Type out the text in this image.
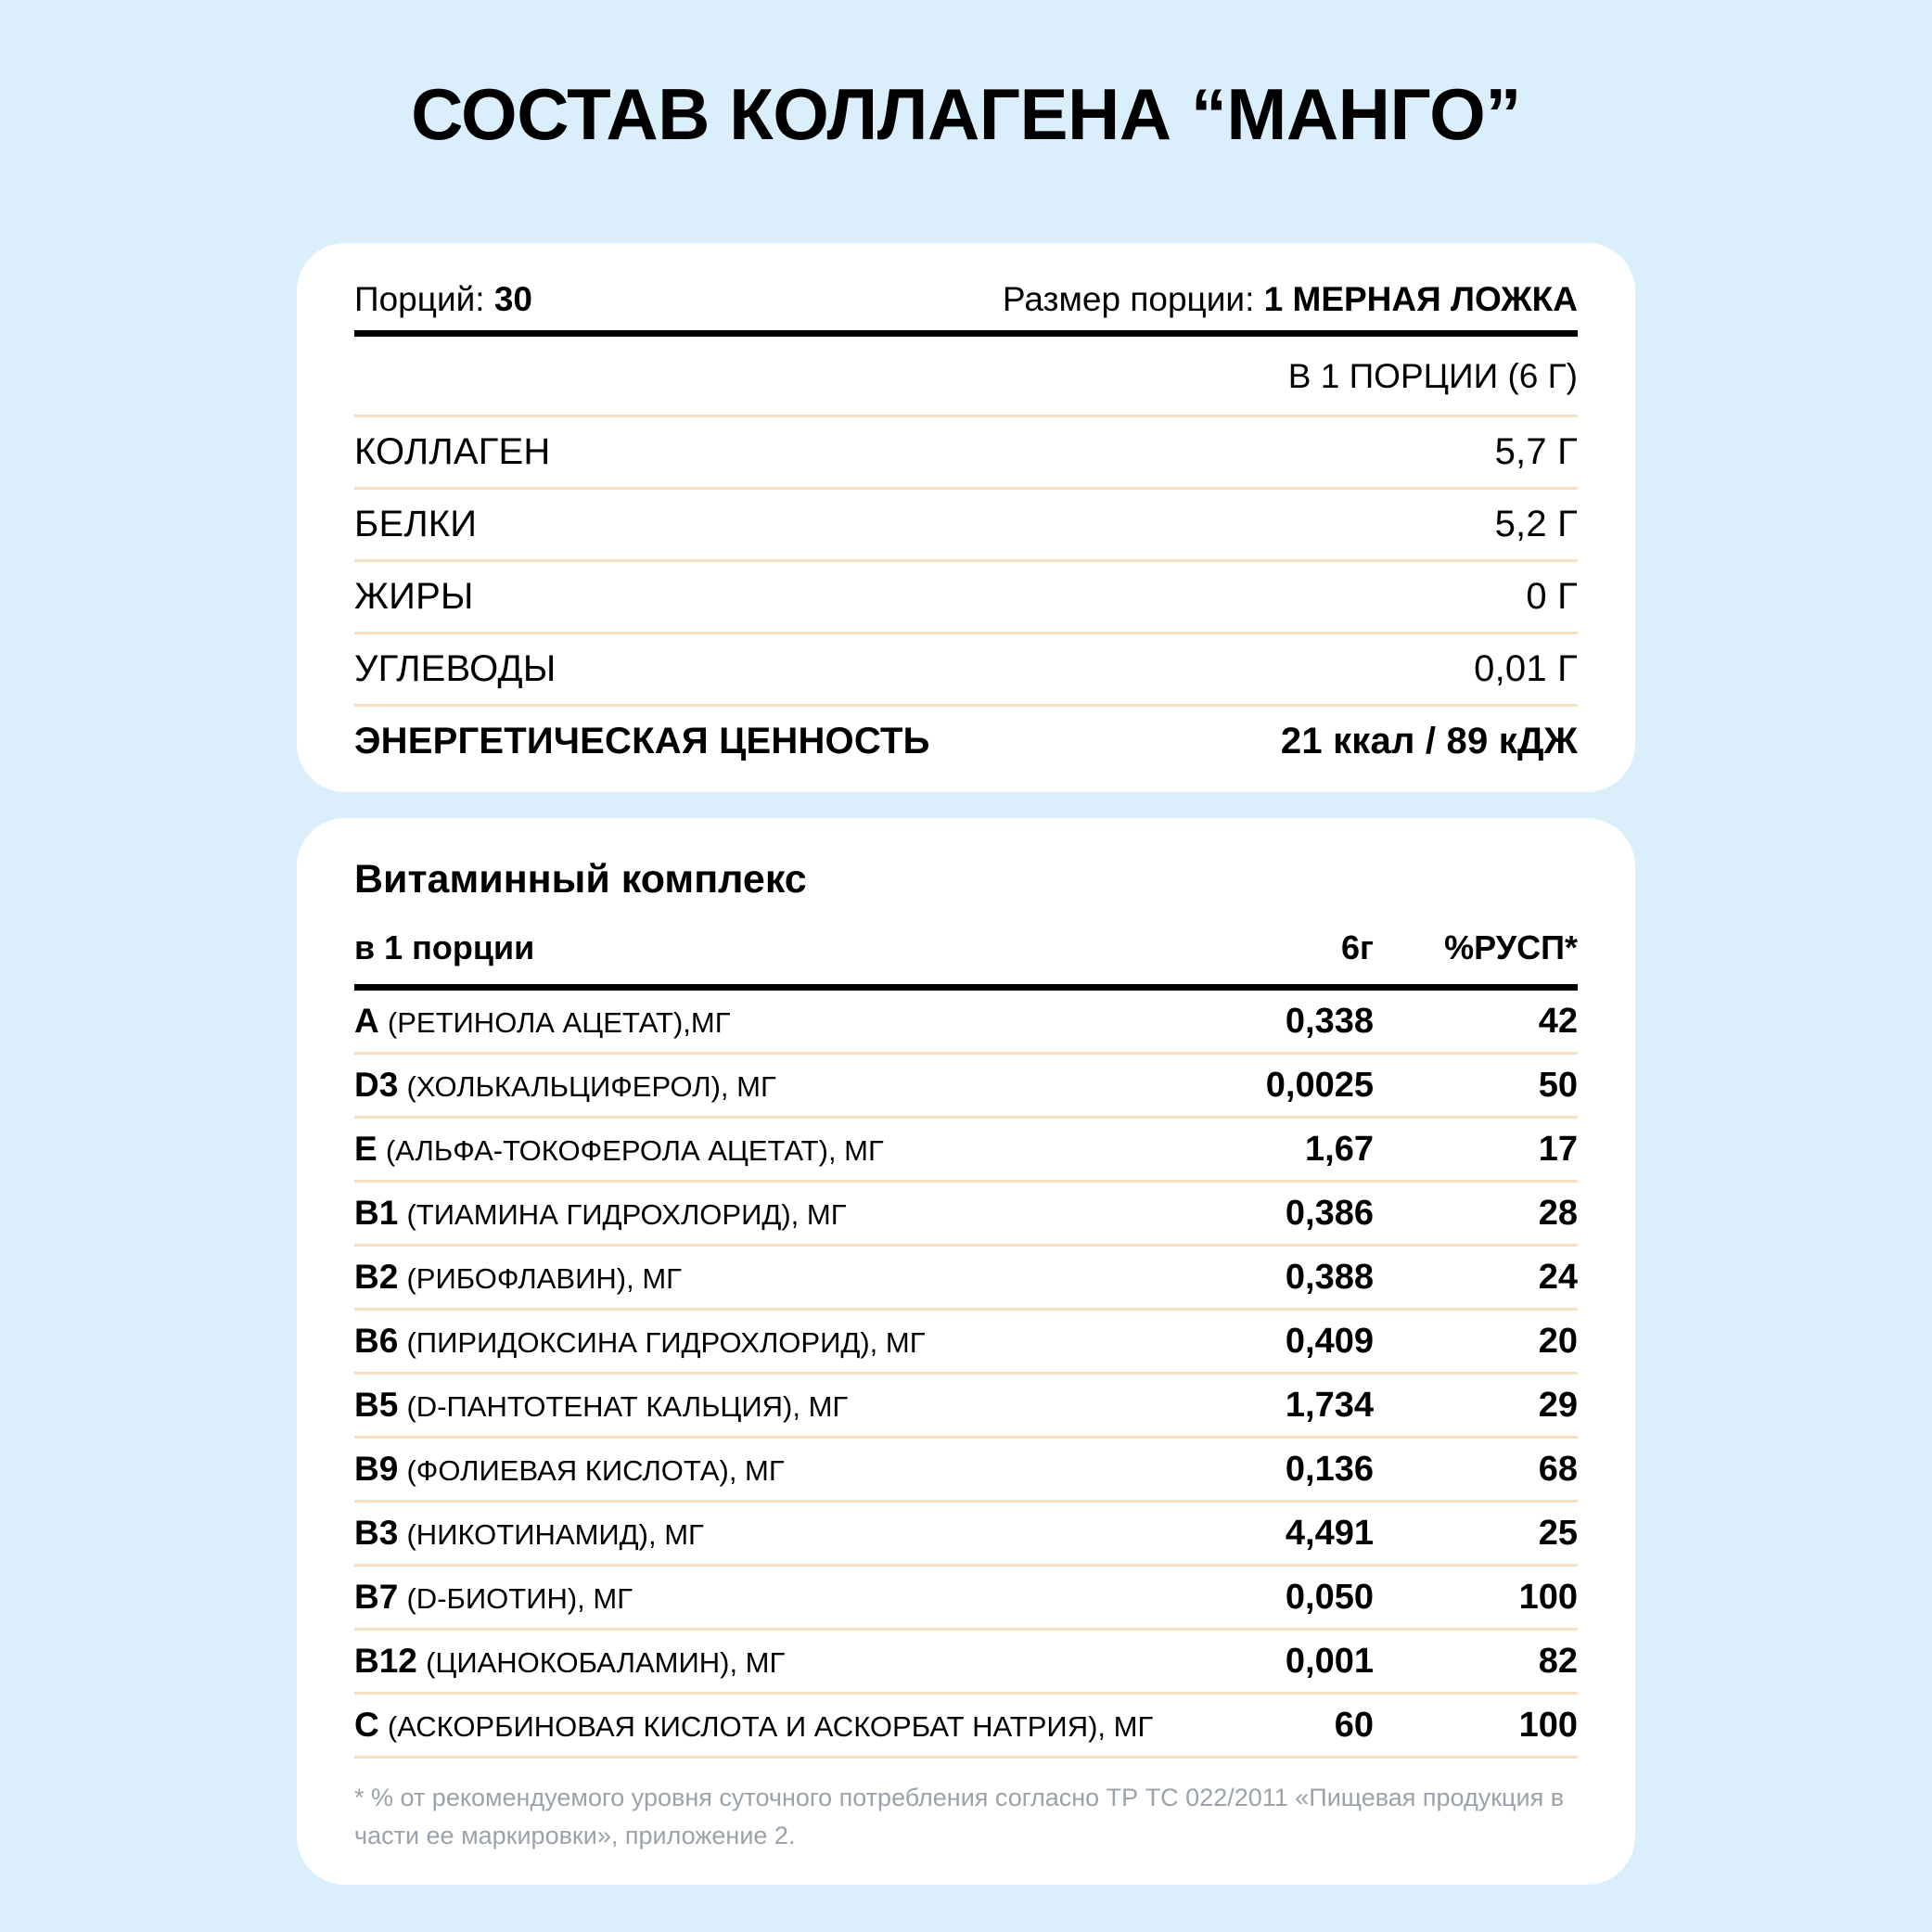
СОСТАВ КОЛЛАГЕНА “МАНГО”
Порций: 30	Размер порции: 1 МЕРНАЯ ЛОЖКА
В 1 ПОРЦИИ (6 Г)
КОЛЛАГЕН	5,7 Г
БЕЛКИ	5,2 Г
ЖИРЫ	0 Г
УГЛЕВОДЫ	0,01 Г
ЭНЕРГЕТИЧЕСКАЯ ЦЕННОСТЬ	21 ккал / 89 кДЖ
Витаминный комплекс
в 1 порции	6г	%РУСП*
A (РЕТИНОЛА АЦЕТАТ),МГ	0,338	42
D3 (ХОЛЬКАЛЬЦИФЕРОЛ), МГ	0,0025	50
E (АЛЬФА-ТОКОФЕРОЛА АЦЕТАТ), МГ	1,67	17
B1 (ТИАМИНА ГИДРОХЛОРИД), МГ	0,386	28
B2 (РИБОФЛАВИН), МГ	0,388	24
B6 (ПИРИДОКСИНА ГИДРОХЛОРИД), МГ	0,409	20
B5 (D-ПАНТОТЕНАТ КАЛЬЦИЯ), МГ	1,734	29
B9 (ФОЛИЕВАЯ КИСЛОТА), МГ	0,136	68
B3 (НИКОТИНАМИД), МГ	4,491	25
B7 (D-БИОТИН), МГ	0,050	100
B12 (ЦИАНОКОБАЛАМИН), МГ	0,001	82
C (АСКОРБИНОВАЯ КИСЛОТА И АСКОРБАТ НАТРИЯ), МГ	60	100
* % от рекомендуемого уровня суточного потребления согласно ТР ТС 022/2011 «Пищевая продукция в части ее маркировки», приложение 2.
